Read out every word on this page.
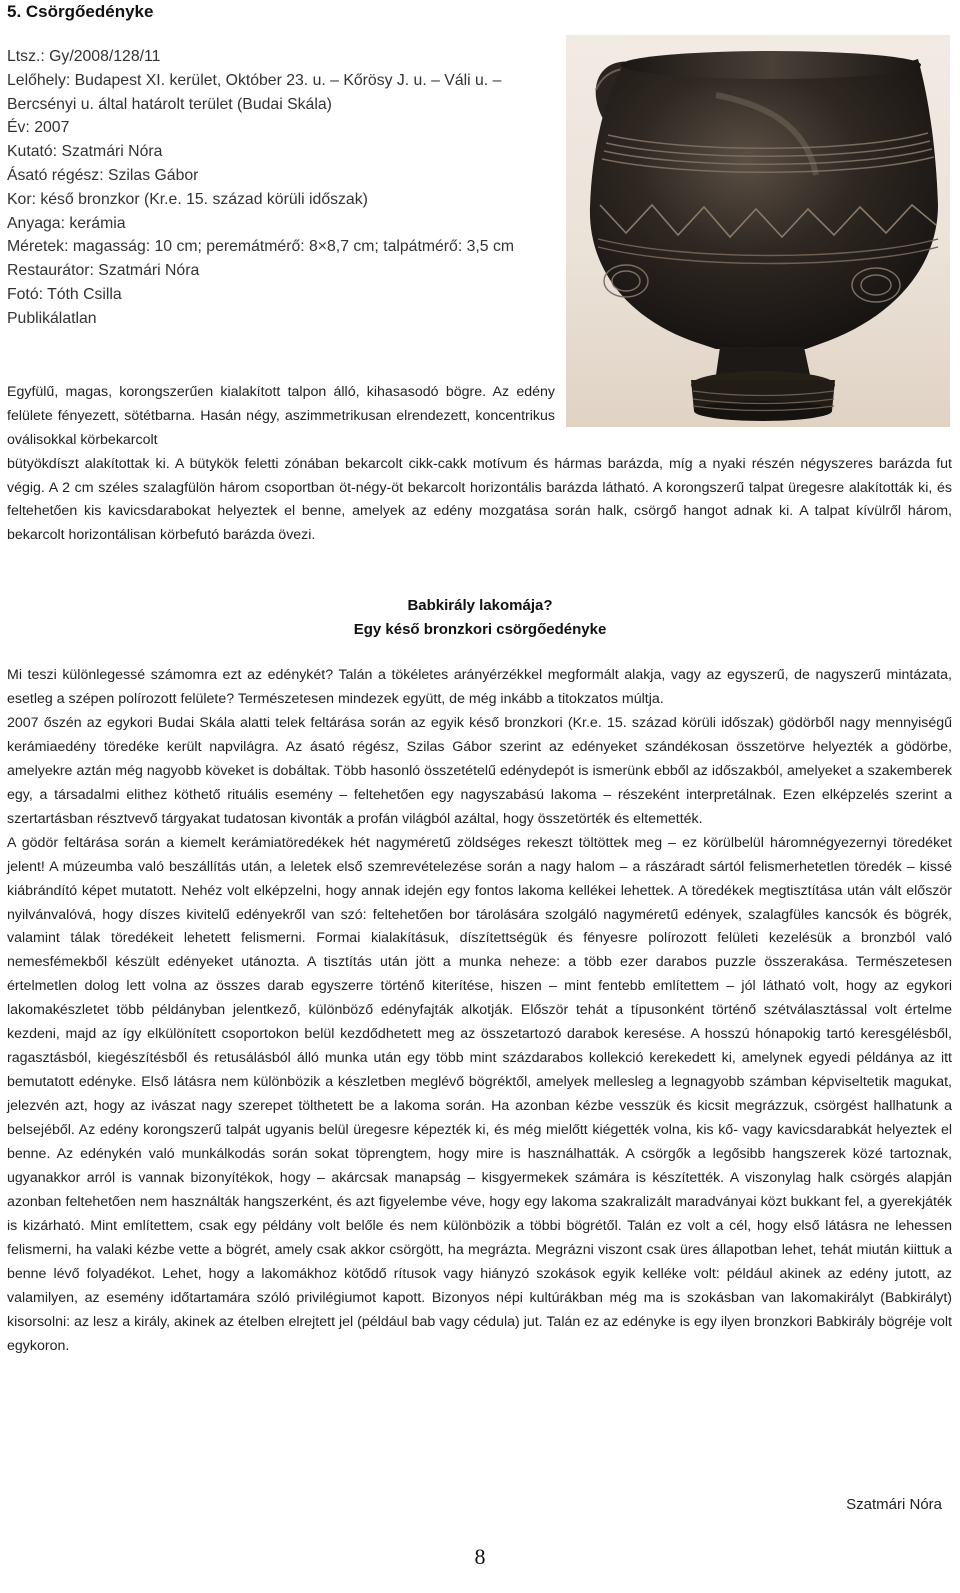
5. Csörgőedényke
Ltsz.: Gy/2008/128/11
Lelőhely: Budapest XI. kerület, Október 23. u. – Kőrösy J. u. – Váli u. – Bercsényi u. által határolt terület (Budai Skála)
Év: 2007
Kutató: Szatmári Nóra
Ásató régész: Szilas Gábor
Kor: késő bronzkor (Kr.e. 15. század körüli időszak)
Anyaga: kerámia
Méretek: magasság: 10 cm; peremátmérő: 8×8,7 cm; talpátmérő: 3,5 cm
Restaurátor: Szatmári Nóra
Fotó: Tóth Csilla
Publikálatlan

Egyfülű, magas, korongszerűen kialakított talpon álló, kihasasodó bögre. Az edény felülete fényezett, sötétbarna. Hasán négy, aszimmetrikusan elrendezett, koncentrikus oválisokkal körbekarcolt

bütyökdíszt alakítottak ki. A bütykök feletti zónában bekarcolt cikk-cakk motívum és hármas barázda, míg a nyaki részén négyszeres barázda fut végig. A 2 cm széles szalagfülön három csoportban öt-négy-öt bekarcolt horizontális barázda látható. A korongszerű talpat üregesre alakították ki, és feltehetően kis kavicsdarabokat helyeztek el benne, amelyek az edény mozgatása során halk, csörgő hangot adnak ki. A talpat kívülről három, bekarcolt horizontálisan körbefutó barázda övezi.

Babkirály lakomája?
Egy késő bronzkori csörgőedényke

Mi teszi különlegessé számomra ezt az edénykét? Talán a tökéletes arányérzékkel megformált alakja, vagy az egyszerű, de nagyszerű mintázata, esetleg a szépen polírozott felülete? Természetesen mindezek együtt, de még inkább a titokzatos múltja.

2007 őszén az egykori Budai Skála alatti telek feltárása során az egyik késő bronzkori (Kr.e. 15. század körüli időszak) gödörből nagy mennyiségű kerámiaedény töredéke került napvilágra. Az ásató régész, Szilas Gábor szerint az edényeket szándékosan összetörve helyezték a gödörbe, amelyekre aztán még nagyobb köveket is dobáltak. Több hasonló összetételű edénydepót is ismerünk ebből az időszakból, amelyeket a szakemberek egy, a társadalmi elithez köthető rituális esemény – feltehetően egy nagyszabású lakoma – részeként interpretálnak. Ezen elképzelés szerint a szertartásban résztvevő tárgyakat tudatosan kivonták a profán világból azáltal, hogy összetörték és eltemették.

A gödör feltárása során a kiemelt kerámiatöredékek hét nagyméretű zöldséges rekeszt töltöttek meg – ez körülbelül háromnégyezernyi töredéket jelent! A múzeumba való beszállítás után, a leletek első szemrevételezése során a nagy halom – a rászáradt sártól felismerhetetlen töredék – kissé kiábrándító képet mutatott. Nehéz volt elképzelni, hogy annak idején egy fontos lakoma kellékei lehettek. A töredékek megtisztítása után vált először nyilvánvalóvá, hogy díszes kivitelű edényekről van szó: feltehetően bor tárolására szolgáló nagyméretű edények, szalagfüles kancsók és bögrék, valamint tálak töredékeit lehetett felismerni. Formai kialakításuk, díszítettségük és fényesre polírozott felületi kezelésük a bronzból való nemesfémekből készült edényeket utánozta. A tisztítás után jött a munka neheze: a több ezer darabos puzzle összerakása. Természetesen értelmetlen dolog lett volna az összes darab egyszerre történő kiterítése, hiszen – mint fentebb említettem – jól látható volt, hogy az egykori lakomakészletet több példányban jelentkező, különböző edényfajták alkotják. Először tehát a típusonként történő szétválasztással volt értelme kezdeni, majd az így elkülönített csoportokon belül kezdődhetett meg az összetartozó darabok keresése. A hosszú hónapokig tartó keresgélésből, ragasztásból, kiegészítésből és retusálásból álló munka után egy több mint százdarabos kollekció kerekedett ki, amelynek egyedi példánya az itt bemutatott edényke. Első látásra nem különbözik a készletben meglévő bögréktől, amelyek mellesleg a legnagyobb számban képviseltetik magukat, jelezvén azt, hogy az ivászat nagy szerepet tölthetett be a lakoma során. Ha azonban kézbe vesszük és kicsit megrázzuk, csörgést hallhatunk a belsejéből. Az edény korongszerű talpát ugyanis belül üregesre képezték ki, és még mielőtt kiégették volna, kis kő- vagy kavicsdarabkát helyeztek el benne. Az edénykén való munkálkodás során sokat töprengtem, hogy mire is használhatták. A csörgők a legősibb hangszerek közé tartoznak, ugyanakkor arról is vannak bizonyítékok, hogy – akárcsak manapság – kisgyermekek számára is készítették. A viszonylag halk csörgés alapján azonban feltehetően nem használták hangszerként, és azt figyelembe véve, hogy egy lakoma szakralizált maradványai közt bukkant fel, a gyerekjáték is kizárható. Mint említettem, csak egy példány volt belőle és nem különbözik a többi bögrétől. Talán ez volt a cél, hogy első látásra ne lehessen felismerni, ha valaki kézbe vette a bögrét, amely csak akkor csörgött, ha megrázta. Megrázni viszont csak üres állapotban lehet, tehát miután kiittuk a benne lévő folyadékot. Lehet, hogy a lakomákhoz kötődő rítusok vagy hiányzó szokások egyik kelléke volt: például akinek az edény jutott, az valamilyen, az esemény időtartamára szóló privilégiumot kapott. Bizonyos népi kultúrákban még ma is szokásban van lakomakirályt (Babkirályt) kisorsolni: az lesz a király, akinek az ételben elrejtett jel (például bab vagy cédula) jut. Talán ez az edényke is egy ilyen bronzkori Babkirály bögréje volt egykoron.

Szatmári Nóra
8
